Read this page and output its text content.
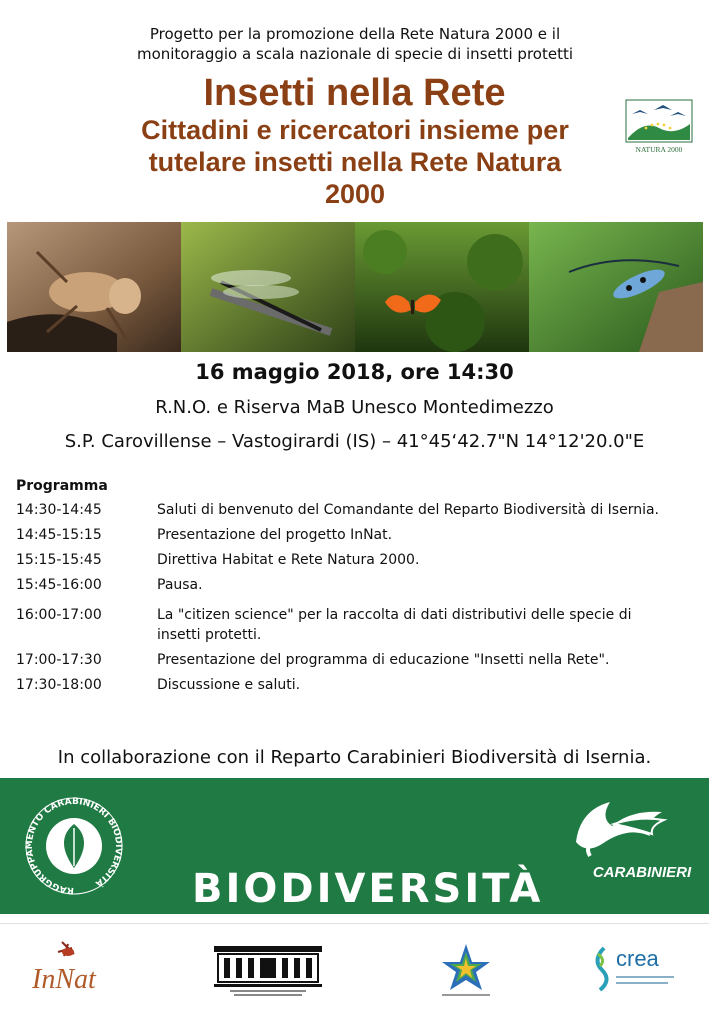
Progetto per la promozione della Rete Natura 2000 e il
monitoraggio a scala nazionale di specie di insetti protetti
Insetti nella Rete
Cittadini e ricercatori insieme per
tutelare insetti nella Rete Natura
2000
NATURA 2000
16 maggio 2018, ore 14:30
R.N.O. e Riserva MaB Unesco Montedimezzo
S.P. Carovillense – Vastogirardi (IS) – 41°45‘42.7"N 14°12'20.0"E
Programma
14:30-14:45	Saluti di benvenuto del Comandante del Reparto Biodiversità di Isernia.
14:45-15:15	Presentazione del progetto InNat.
15:15-15:45	Direttiva Habitat e Rete Natura 2000.
15:45-16:00	Pausa.
16:00-17:00	La "citizen science" per la raccolta di dati distributivi delle specie di insetti protetti.
17:00-17:30	Presentazione del programma di educazione "Insetti nella Rete".
17:30-18:00	Discussione e saluti.
In collaborazione con il Reparto Carabinieri Biodiversità di Isernia.
RAGGRUPPAMENTO CARABINIERI BIODIVERSITÀ	BIODIVERSITÀ	CARABINIERI
InNat
crea
